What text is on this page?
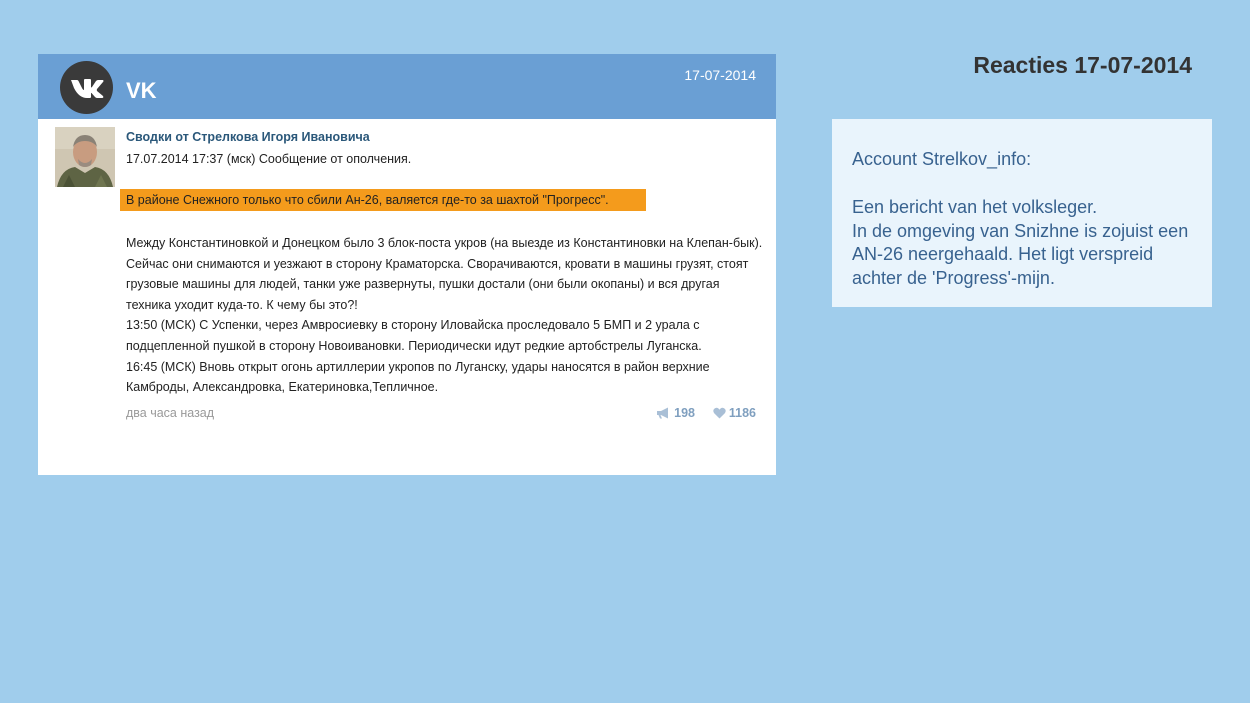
Reacties 17-07-2014
VK
17-07-2014
Сводки от Стрелкова Игоря Ивановича
17.07.2014 17:37 (мск) Сообщение от ополчения.
В районе Снежного только что сбили Ан-26, валяется где-то за шахтой "Прогресс".

Между Константиновкой и Донецком было 3 блок-поста укров (на выезде из Константиновки на Клепан-бык). Сейчас они снимаются и уезжают в сторону Краматорска. Сворачиваются, кровати в машины грузят, стоят грузовые машины для людей, танки уже развернуты, пушки достали (они были окопаны) и вся другая техника уходит куда-то. К чему бы это?!

13:50 (МСК) С Успенки, через Амвросиевку в сторону Иловайска проследовало 5 БМП и 2 урала с подцепленной пушкой в сторону Новоивановки. Периодически идут редкие артобстрелы Луганска.

16:45 (МСК) Вновь открыт огонь артиллерии укропов по Луганску, удары наносятся в район верхние Камброды, Александровка, Екатериновка,Тепличное.

два часа назад	198	1186

Account Strelkov_info:

Een bericht van het volksleger.
In de omgeving van Snizhne is zojuist een AN-26 neergehaald. Het ligt verspreid achter de 'Progress'-mijn.
